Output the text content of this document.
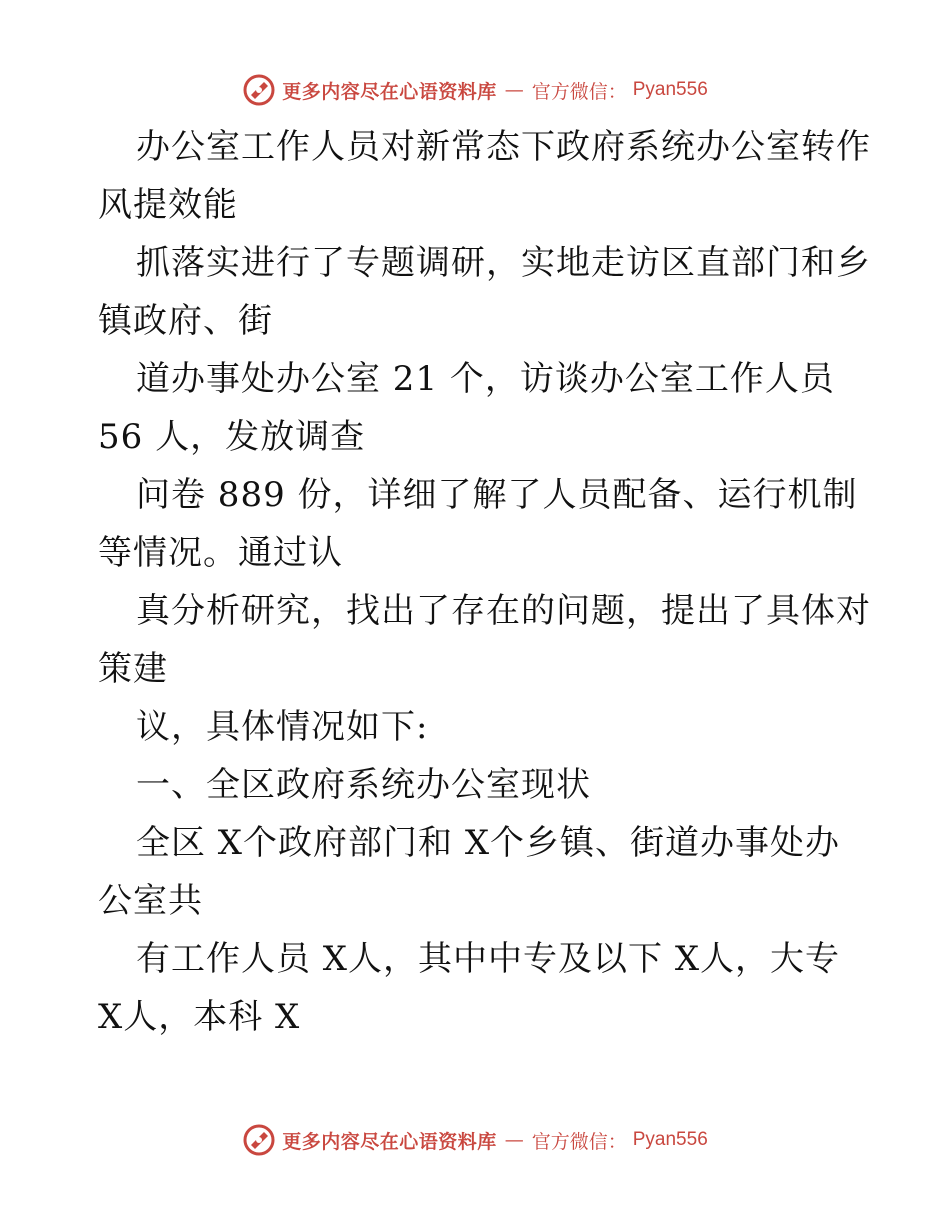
更多内容尽在心语资料库 — 官方微信： Pyan556

办公室工作人员对新常态下政府系统办公室转作

风提效能

抓落实进行了专题调研，实地走访区直部门和乡

镇政府、街

道办事处办公室 21 个，访谈办公室工作人员

56 人，发放调查

问卷 889 份，详细了解了人员配备、运行机制

等情况。通过认

真分析研究，找出了存在的问题，提出了具体对

策建

议，具体情况如下:

一、全区政府系统办公室现状

全区 X个政府部门和 X个乡镇、街道办事处办

公室共

有工作人员 X人，其中中专及以下 X人，大专

X人，本科 X

更多内容尽在心语资料库 — 官方微信： Pyan556
